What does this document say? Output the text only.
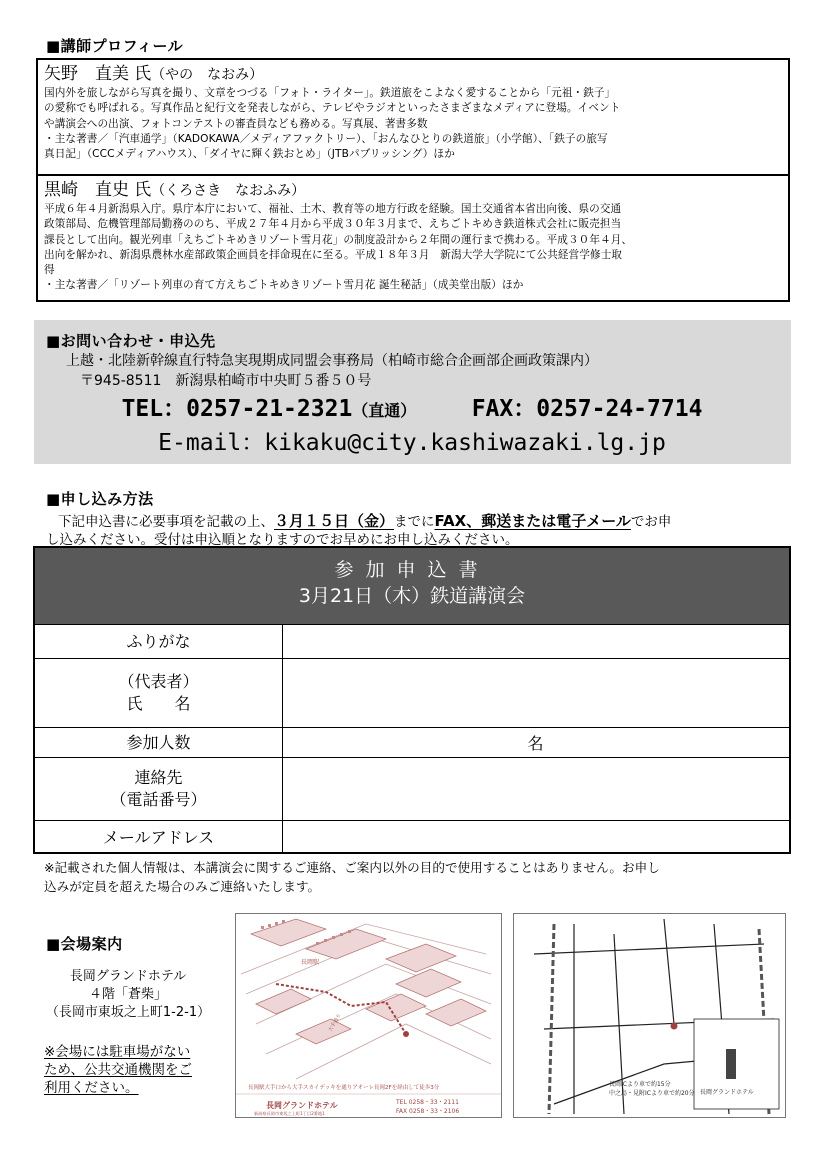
■講師プロフィール
矢野　直美 氏（やの　なおみ）
国内外を旅しながら写真を撮り、文章をつづる「フォト・ライター」。鉄道旅をこよなく愛することから「元祖・鉄子」
の愛称でも呼ばれる。写真作品と紀行文を発表しながら、テレビやラジオといったさまざまなメディアに登場。イベント
や講演会への出演、フォトコンテストの審査員なども務める。写真展、著書多数
・主な著書／「汽車通学」（KADOKAWA／メディアファクトリー）、「おんなひとりの鉄道旅」（小学館）、「鉄子の旅写
真日記」（CCCメディアハウス）、「ダイヤに輝く鉄おとめ」（JTBパブリッシング）ほか
黒崎　直史 氏（くろさき　なおふみ）
平成６年４月新潟県入庁。県庁本庁において、福祉、土木、教育等の地方行政を経験。国土交通省本省出向後、県の交通
政策部局、危機管理部局勤務ののち、平成２７年４月から平成３０年３月まで、えちごトキめき鉄道株式会社に販売担当
課長として出向。観光列車「えちごトキめきリゾート雪月花」の制度設計から２年間の運行まで携わる。平成３０年４月、
出向を解かれ、新潟県農林水産部政策企画員を拝命現在に至る。平成１８年３月　新潟大学大学院にて公共経営学修士取
得
・主な著書／「リゾート列車の育て方えちごトキめきリゾート雪月花 誕生秘話」（成美堂出版）ほか
■お問い合わせ・申込先
上越・北陸新幹線直行特急実現期成同盟会事務局（柏崎市総合企画部企画政策課内）
〒945-8511　新潟県柏崎市中央町５番５０号
TEL：0257-21-2321（直通） FAX：0257-24-7714
E-mail：kikaku@city.kashiwazaki.lg.jp
■申し込み方法
下記申込書に必要事項を記載の上、３月１５日（金）までにFAX、郵送または電子メールでお申
し込みください。受付は申込順となりますのでお早めにお申し込みください。
参加申込書
3月21日（木）鉄道講演会
ふりがな
（代表者）
氏　　名
参加人数	名
連絡先
（電話番号）
メールアドレス
※記載された個人情報は、本講演会に関するご連絡、ご案内以外の目的で使用することはありません。お申し
込みが定員を超えた場合のみご連絡いたします。
■会場案内
長岡グランドホテル
４階「蒼柴」
（長岡市東坂之上町1-2-1）
※会場には駐車場がない
ため、公共交通機関をご
利用ください。	長岡駅大手口から大手スカイデッキを通りアオーレ長岡2Fを経由して徒歩3分
長岡グランドホテル
新潟県長岡市東坂之上町1丁目2番地1
TEL 0258・33・2111
FAX 0258・33・2106
長岡駅
大手通り
長岡グランドホテル
長岡ICより車で約15分
中之島・見附ICより車で約20分
